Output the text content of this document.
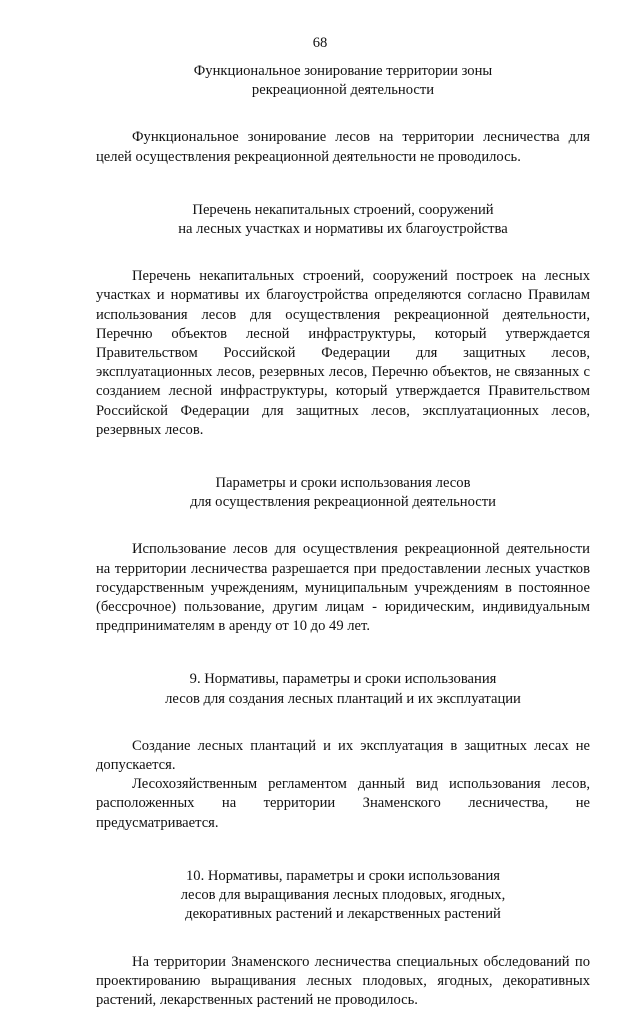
68
Функциональное зонирование территории зоны
рекреационной деятельности

Функциональное зонирование лесов на территории лесничества для целей осуществления рекреационной деятельности не проводилось.

Перечень некапитальных строений, сооружений
на лесных участках и нормативы их благоустройства

Перечень некапитальных строений, сооружений построек на лесных участках и нормативы их благоустройства определяются согласно Правилам использования лесов для осуществления рекреационной деятельности, Перечню объектов лесной инфраструктуры, который утверждается Правительством Российской Федерации для защитных лесов, эксплуатационных лесов, резервных лесов, Перечню объектов, не связанных с созданием лесной инфраструктуры, который утверждается Правительством Российской Федерации для защитных лесов, эксплуатационных лесов, резервных лесов.

Параметры и сроки использования лесов
для осуществления рекреационной деятельности

Использование лесов для осуществления рекреационной деятельности на территории лесничества разрешается при предоставлении лесных участков государственным учреждениям, муниципальным учреждениям в постоянное (бессрочное) пользование, другим лицам - юридическим, индивидуальным предпринимателям в аренду от 10 до 49 лет.

9. Нормативы, параметры и сроки использования
лесов для создания лесных плантаций и их эксплуатации

Создание лесных плантаций и их эксплуатация в защитных лесах не допускается.

Лесохозяйственным регламентом данный вид использования лесов, расположенных на территории Знаменского лесничества, не предусматривается.

10. Нормативы, параметры и сроки использования
лесов для выращивания лесных плодовых, ягодных,
декоративных растений и лекарственных растений

На территории Знаменского лесничества специальных обследований по проектированию выращивания лесных плодовых, ягодных, декоративных растений, лекарственных растений не проводилось.
